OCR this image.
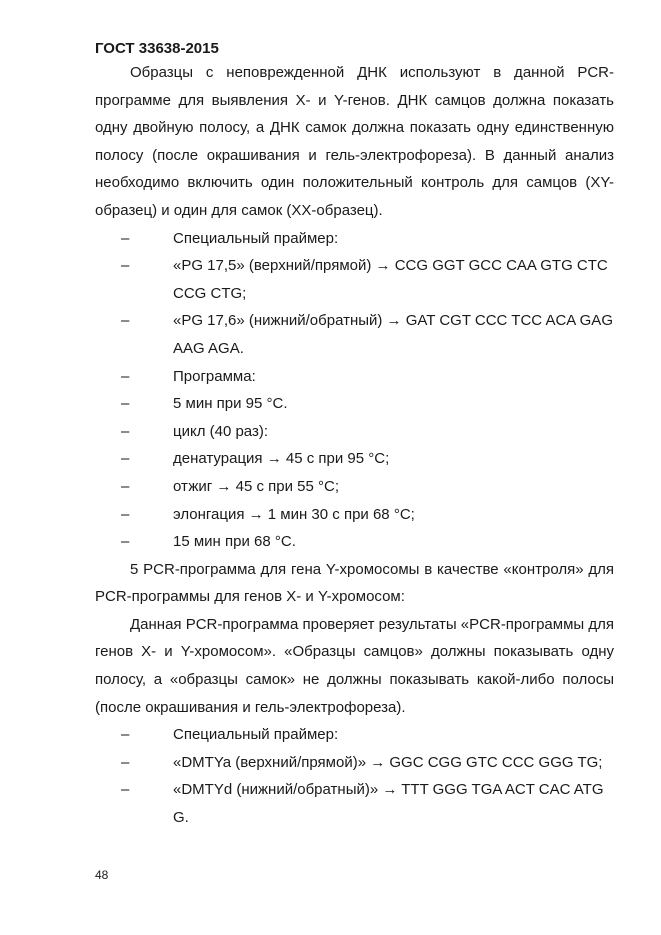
ГОСТ 33638-2015

Образцы с неповрежденной ДНК используют в данной PCR-программе для выявления X- и Y-генов. ДНК самцов должна показать одну двойную полосу, а ДНК самок должна показать одну единственную полосу (после окрашивания и гель-электрофореза). В данный анализ необходимо включить один положительный контроль для самцов (XY-образец) и один для самок (XX-образец).

–	Специальный праймер:
–	«PG 17,5» (верхний/прямой) → CCG GGT GCC CAA GTG CTC CCG CTG;
–	«PG 17,6» (нижний/обратный) → GAT CGT CCC TCC ACA GAG AAG AGA.
–	Программа:
–	5 мин при 95 °C.
–	цикл (40 раз):
–	денатурация → 45 с при 95 °C;
–	отжиг → 45 с при 55 °C;
–	элонгация → 1 мин 30 с при 68 °C;
–	15 мин при 68 °C.

5 PCR-программа для гена Y-хромосомы в качестве «контроля» для PCR-программы для генов X- и Y-хромосом:

Данная PCR-программа проверяет результаты «PCR-программы для генов X- и Y-хромосом». «Образцы самцов» должны показывать одну полосу, а «образцы самок» не должны показывать какой-либо полосы (после окрашивания и гель-электрофореза).

–	Специальный праймер:
–	«DMTYa (верхний/прямой)» → GGC CGG GTC CCC GGG TG;
–	«DMTYd (нижний/обратный)» → TTT GGG TGA ACT CAC ATG G.
48
